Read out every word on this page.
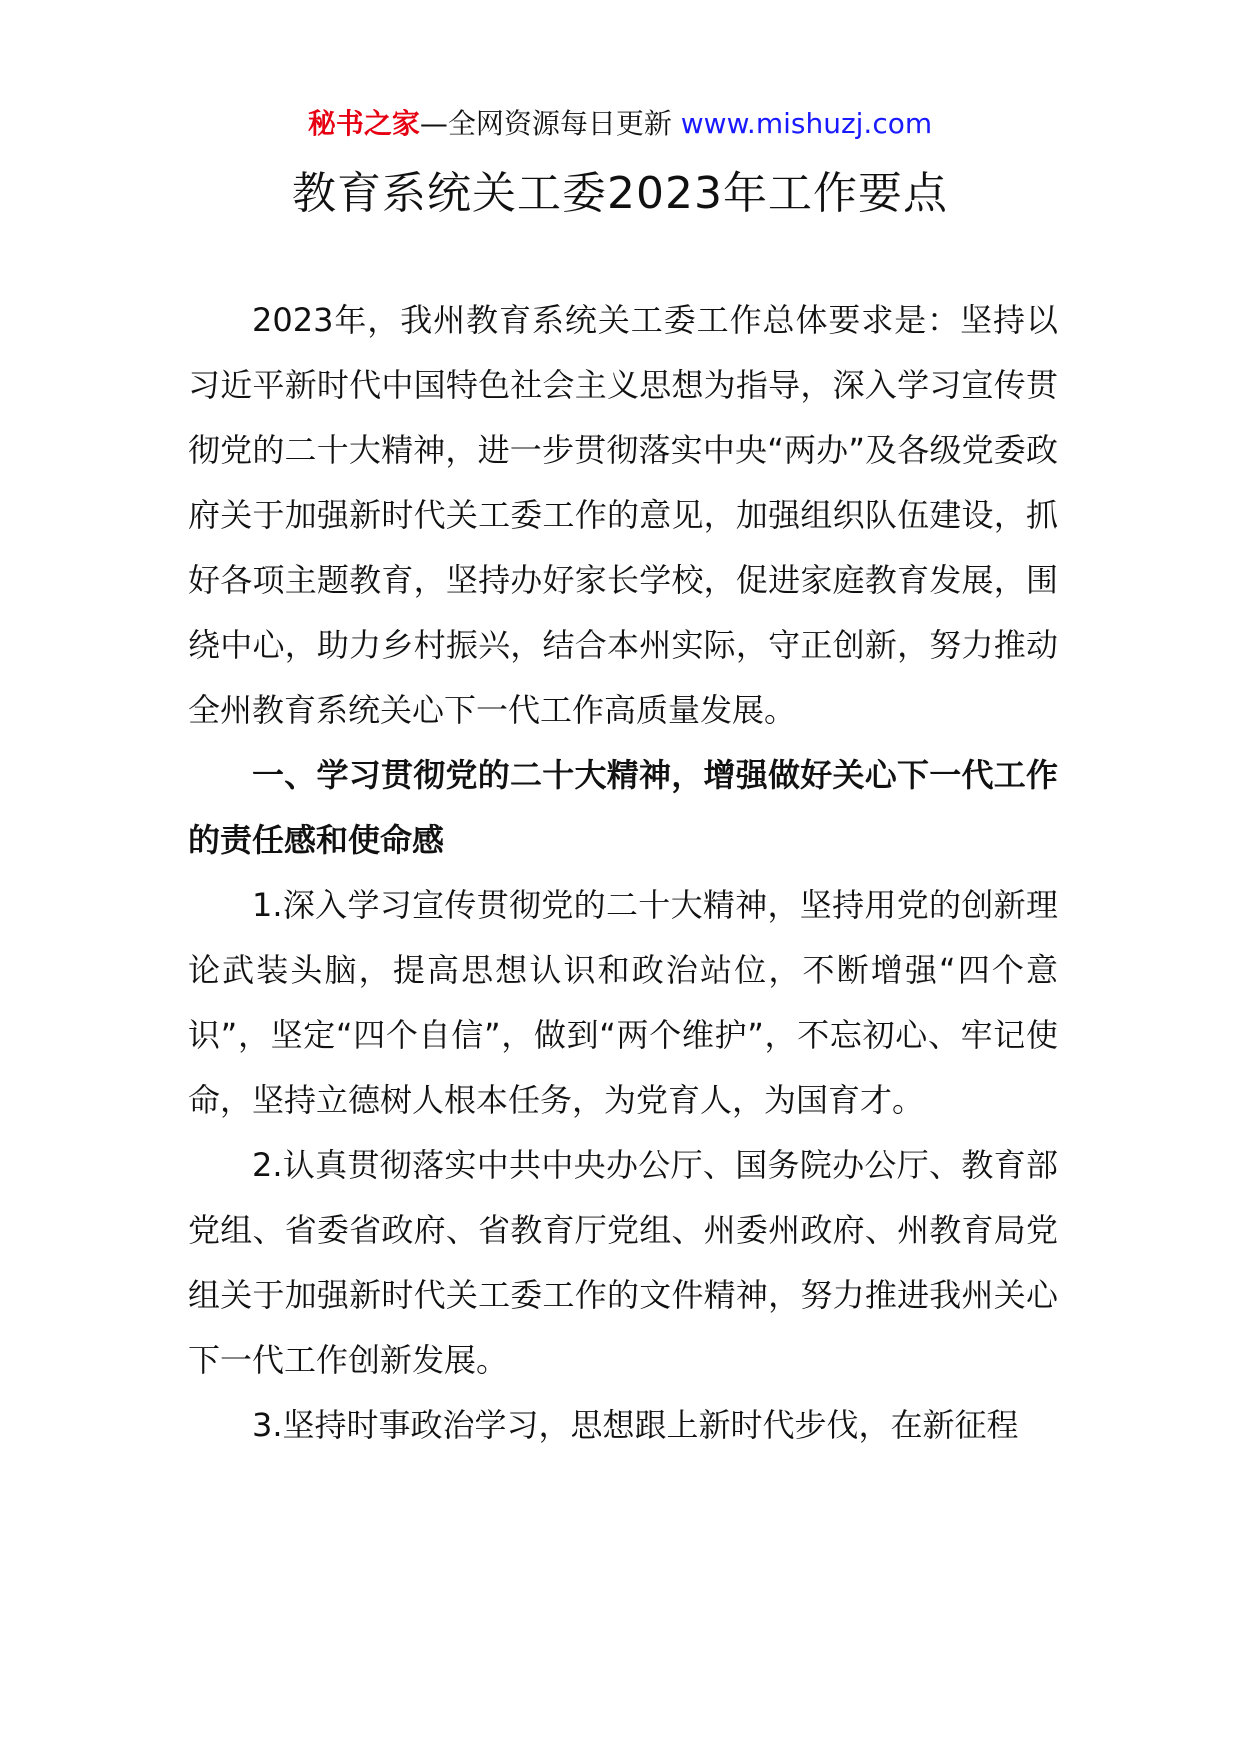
秘书之家—全网资源每日更新 www.mishuzj.com
教育系统关工委2023年工作要点

2023年，我州教育系统关工委工作总体要求是：坚持以习近平新时代中国特色社会主义思想为指导，深入学习宣传贯彻党的二十大精神，进一步贯彻落实中央“两办”及各级党委政府关于加强新时代关工委工作的意见，加强组织队伍建设，抓好各项主题教育，坚持办好家长学校，促进家庭教育发展，围绕中心，助力乡村振兴，结合本州实际，守正创新，努力推动全州教育系统关心下一代工作高质量发展。

一、学习贯彻党的二十大精神，增强做好关心下一代工作的责任感和使命感

1.深入学习宣传贯彻党的二十大精神，坚持用党的创新理论武装头脑，提高思想认识和政治站位，不断增强“四个意识”，坚定“四个自信”，做到“两个维护”，不忘初心、牢记使命，坚持立德树人根本任务，为党育人，为国育才。

2.认真贯彻落实中共中央办公厅、国务院办公厅、教育部党组、省委省政府、省教育厅党组、州委州政府、州教育局党组关于加强新时代关工委工作的文件精神，努力推进我州关心下一代工作创新发展。

3.坚持时事政治学习，思想跟上新时代步伐，在新征程
